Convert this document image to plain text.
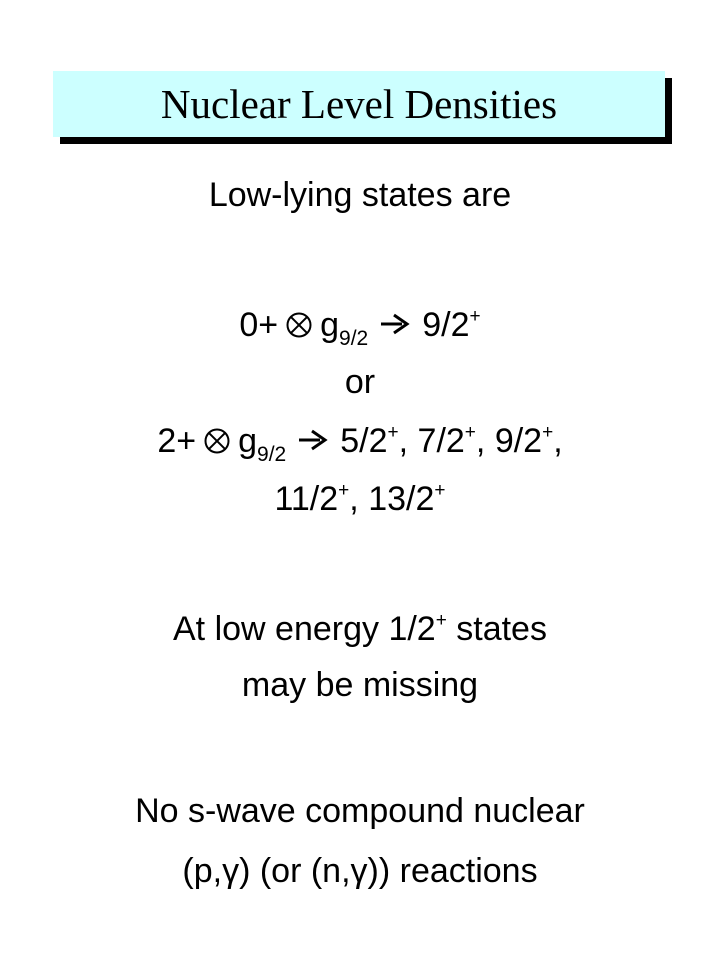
Nuclear Level Densities
Low-lying states are
$0+ g_{9/2}$ 9/2+
or
$2+ g_{9/2}$ 5/2+, 7/2+, 9/2+,
11/2+, 13/2+
At low energy 1/2+ states
may be missing
No s-wave compound nuclear
(p,γ) (or (n,γ)) reactions
